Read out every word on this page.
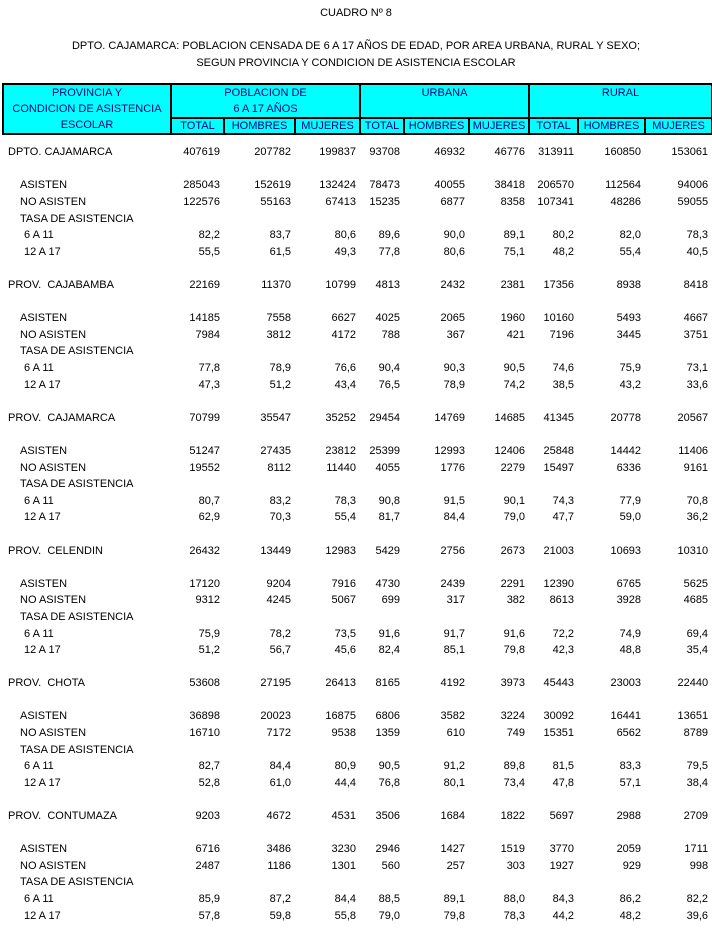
CUADRO Nº 8
DPTO. CAJAMARCA: POBLACION CENSADA DE 6 A 17 AÑOS DE EDAD, POR AREA URBANA, RURAL Y SEXO;
SEGUN PROVINCIA Y CONDICION DE ASISTENCIA ESCOLAR
PROVINCIA Y
CONDICION DE ASISTENCIA
ESCOLAR

POBLACION DE
6 A 17 AÑOS

URBANA	RURAL

	TOTAL	HOMBRES	MUJERES	TOTAL	HOMBRES	MUJERES	TOTAL	HOMBRES	MUJERES
DPTO. CAJAMARCA	407619	207782	199837	93708	46932	46776	313911	160850	153061

ASISTEN	285043	152619	132424	78473	40055	38418	206570	112564	94006
NO ASISTEN	122576	55163	67413	15235	6877	8358	107341	48286	59055
TASA DE ASISTENCIA									
6 A 11	82,2	83,7	80,6	89,6	90,0	89,1	80,2	82,0	78,3
12 A 17	55,5	61,5	49,3	77,8	80,6	75,1	48,2	55,4	40,5

PROV.  CAJABAMBA	22169	11370	10799	4813	2432	2381	17356	8938	8418

ASISTEN	14185	7558	6627	4025	2065	1960	10160	5493	4667
NO ASISTEN	7984	3812	4172	788	367	421	7196	3445	3751
TASA DE ASISTENCIA									
6 A 11	77,8	78,9	76,6	90,4	90,3	90,5	74,6	75,9	73,1
12 A 17	47,3	51,2	43,4	76,5	78,9	74,2	38,5	43,2	33,6

PROV.  CAJAMARCA	70799	35547	35252	29454	14769	14685	41345	20778	20567

ASISTEN	51247	27435	23812	25399	12993	12406	25848	14442	11406
NO ASISTEN	19552	8112	11440	4055	1776	2279	15497	6336	9161
TASA DE ASISTENCIA									
6 A 11	80,7	83,2	78,3	90,8	91,5	90,1	74,3	77,9	70,8
12 A 17	62,9	70,3	55,4	81,7	84,4	79,0	47,7	59,0	36,2

PROV.  CELENDIN	26432	13449	12983	5429	2756	2673	21003	10693	10310

ASISTEN	17120	9204	7916	4730	2439	2291	12390	6765	5625
NO ASISTEN	9312	4245	5067	699	317	382	8613	3928	4685
TASA DE ASISTENCIA									
6 A 11	75,9	78,2	73,5	91,6	91,7	91,6	72,2	74,9	69,4
12 A 17	51,2	56,7	45,6	82,4	85,1	79,8	42,3	48,8	35,4

PROV.  CHOTA	53608	27195	26413	8165	4192	3973	45443	23003	22440

ASISTEN	36898	20023	16875	6806	3582	3224	30092	16441	13651
NO ASISTEN	16710	7172	9538	1359	610	749	15351	6562	8789
TASA DE ASISTENCIA									
6 A 11	82,7	84,4	80,9	90,5	91,2	89,8	81,5	83,3	79,5
12 A 17	52,8	61,0	44,4	76,8	80,1	73,4	47,8	57,1	38,4

PROV.  CONTUMAZA	9203	4672	4531	3506	1684	1822	5697	2988	2709

ASISTEN	6716	3486	3230	2946	1427	1519	3770	2059	1711
NO ASISTEN	2487	1186	1301	560	257	303	1927	929	998
TASA DE ASISTENCIA									
6 A 11	85,9	87,2	84,4	88,5	89,1	88,0	84,3	86,2	82,2
12 A 17	57,8	59,8	55,8	79,0	79,8	78,3	44,2	48,2	39,6
